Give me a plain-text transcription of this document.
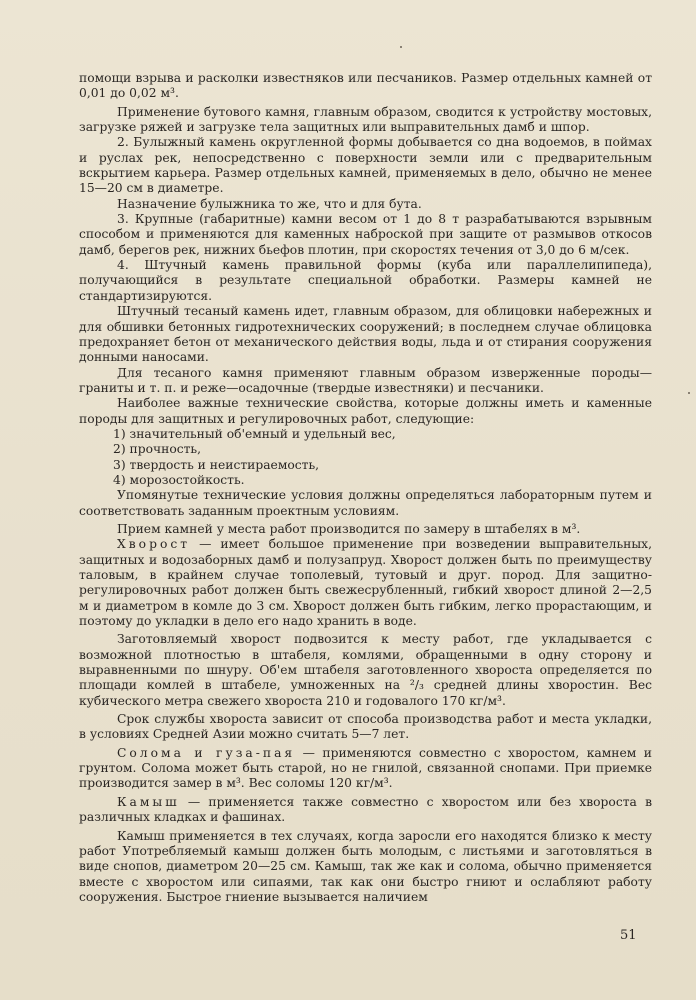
помощи взрыва и расколки известняков или песчаников. Размер отдельных камней от 0,01 до 0,02 м³.

Применение бутового камня, главным образом, сводится к устройству мостовых, загрузке ряжей и загрузке тела защитных или выправительных дамб и шпор.

2. Булыжный камень округленной формы добывается со дна водоемов, в поймах и руслах рек, непосредственно с поверхности земли или с предварительным вскрытием карьера. Размер отдельных камней, применяемых в дело, обычно не менее 15—20 см в диаметре.

Назначение булыжника то же, что и для бута.

3. Крупные (габаритные) камни весом от 1 до 8 т разрабатываются взрывным способом и применяются для каменных наброской при защите от размывов откосов дамб, берегов рек, нижних бьефов плотин, при скоростях течения от 3,0 до 6 м/сек.

4. Штучный камень правильной формы (куба или параллелипипеда), получающийся в результате специальной обработки. Размеры камней не стандартизируются.

Штучный тесаный камень идет, главным образом, для облицовки набережных и для обшивки бетонных гидротехнических сооружений; в последнем случае облицовка предохраняет бетон от механического действия воды, льда и от стирания сооружения донными наносами.

Для тесаного камня применяют главным образом изверженные породы—граниты и т. п. и реже—осадочные (твердые известняки) и песчаники.

Наиболее важные технические свойства, которые должны иметь и каменные породы для защитных и регулировочных работ, следующие:

1) значительный об'емный и удельный вес,

2) прочность,

3) твердость и неистираемость,

4) морозостойкость.

Упомянутые технические условия должны определяться лабораторным путем и соответствовать заданным проектным условиям.

Прием камней у места работ производится по замеру в штабелях в м³.

Хворост — имеет большое применение при возведении выправительных, защитных и водозаборных дамб и полузапруд. Хворост должен быть по преимуществу таловым, в крайнем случае тополевый, тутовый и друг. пород. Для защитно-регулировочных работ должен быть свежесрубленный, гибкий хворост длиной 2—2,5 м и диаметром в комле до 3 см. Хворост должен быть гибким, легко прорастающим, и поэтому до укладки в дело его надо хранить в воде.

Заготовляемый хворост подвозится к месту работ, где укладывается с возможной плотностью в штабеля, комлями, обращенными в одну сторону и выравненными по шнуру. Об'ем штабеля заготовленного хвороста определяется по площади комлей в штабеле, умноженных на ²/₃ средней длины хворостин. Вес кубического метра свежего хвороста 210 и годовалого 170 кг/м³.

Срок службы хвороста зависит от способа производства работ и места укладки, в условиях Средней Азии можно считать 5—7 лет.

Солома и гуза-пая — применяются совместно с хворостом, камнем и грунтом. Солома может быть старой, но не гнилой, связанной снопами. При приемке производится замер в м³. Вес соломы 120 кг/м³.

Камыш — применяется также совместно с хворостом или без хвороста в различных кладках и фашинах.

Камыш применяется в тех случаях, когда заросли его находятся близко к месту работ Употребляемый камыш должен быть молодым, с листьями и заготовляться в виде снопов, диаметром 20—25 см. Камыш, так же как и солома, обычно применяется вместе с хворостом или сипаями, так как они быстро гниют и ослабляют работу сооружения. Быстрое гниение вызывается наличием

51
